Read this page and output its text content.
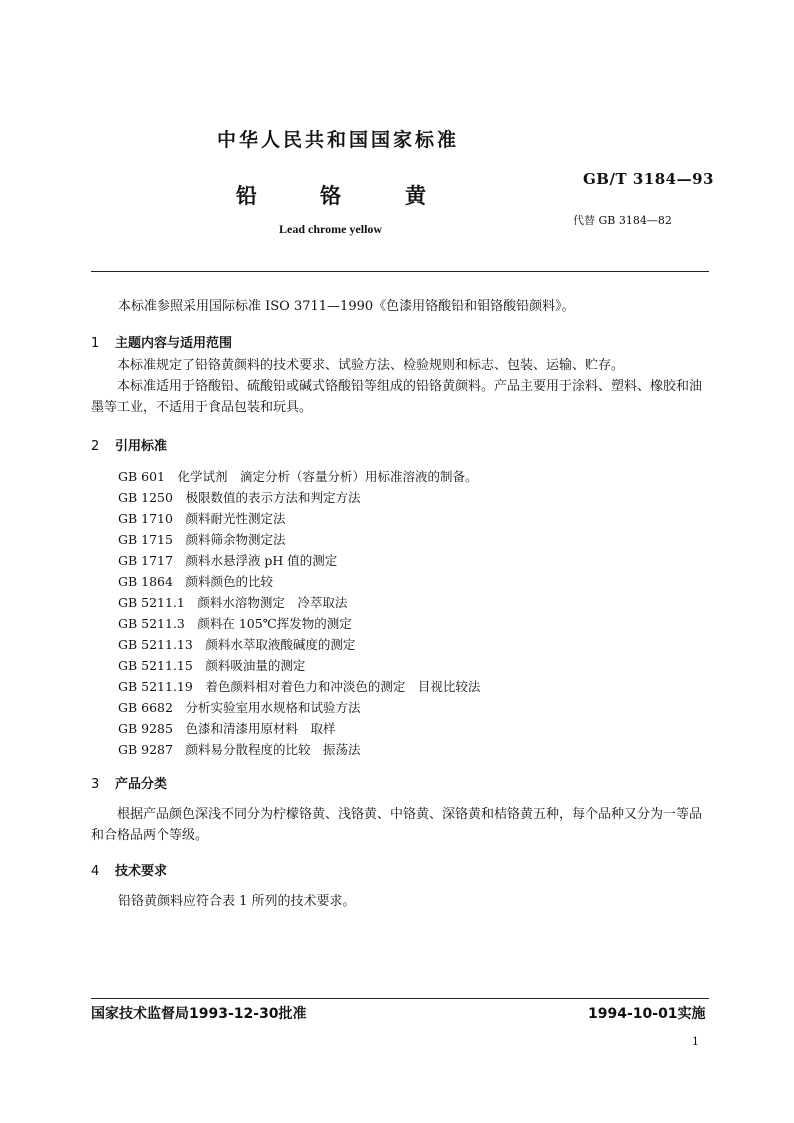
中华人民共和国国家标准
GB/T 3184—93
铅	铬	黄
Lead chrome yellow
代替 GB 3184—82
本标准参照采用国际标准 ISO 3711—1990《色漆用铬酸铅和钼铬酸铅颜料》。
1 主题内容与适用范围
本标准规定了铅铬黄颜料的技术要求、试验方法、检验规则和标志、包装、运输、贮存。
本标准适用于铬酸铅、硫酸铅或碱式铬酸铅等组成的铅铬黄颜料。产品主要用于涂料、塑料、橡胶和油墨等工业，不适用于食品包装和玩具。
2 引用标准
GB 601　化学试剂　滴定分析（容量分析）用标准溶液的制备。
GB 1250　极限数值的表示方法和判定方法
GB 1710　颜料耐光性测定法
GB 1715　颜料筛余物测定法
GB 1717　颜料水悬浮液 pH 值的测定
GB 1864　颜料颜色的比较
GB 5211.1　颜料水溶物测定　冷萃取法
GB 5211.3　颜料在 105℃挥发物的测定
GB 5211.13　颜料水萃取液酸碱度的测定
GB 5211.15　颜料吸油量的测定
GB 5211.19　着色颜料相对着色力和冲淡色的测定　目视比较法
GB 6682　分析实验室用水规格和试验方法
GB 9285　色漆和清漆用原材料　取样
GB 9287　颜料易分散程度的比较　振荡法
3 产品分类
根据产品颜色深浅不同分为柠檬铬黄、浅铬黄、中铬黄、深铬黄和桔铬黄五种，每个品种又分为一等品和合格品两个等级。
4 技术要求
铅铬黄颜料应符合表 1 所列的技术要求。
国家技术监督局1993-12-30批准	1994-10-01实施
1
